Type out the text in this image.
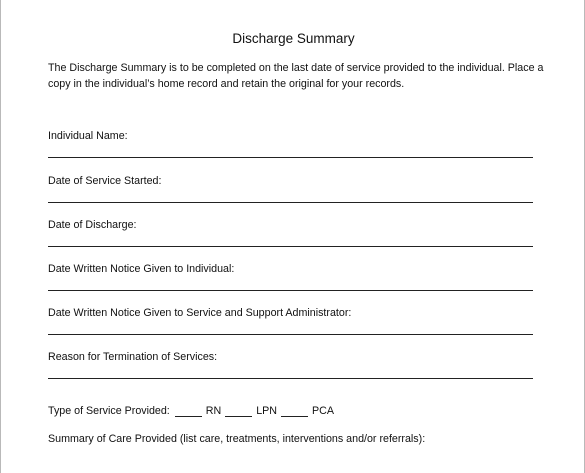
Discharge Summary
The Discharge Summary is to be completed on the last date of service provided to the individual. Place a
copy in the individual’s home record and retain the original for your records.
Individual Name:
Date of Service Started:
Date of Discharge:
Date Written Notice Given to Individual:
Date Written Notice Given to Service and Support Administrator:
Reason for Termination of Services:
Type of Service Provided:	RN	LPN	PCA
Summary of Care Provided (list care, treatments, interventions and/or referrals):
